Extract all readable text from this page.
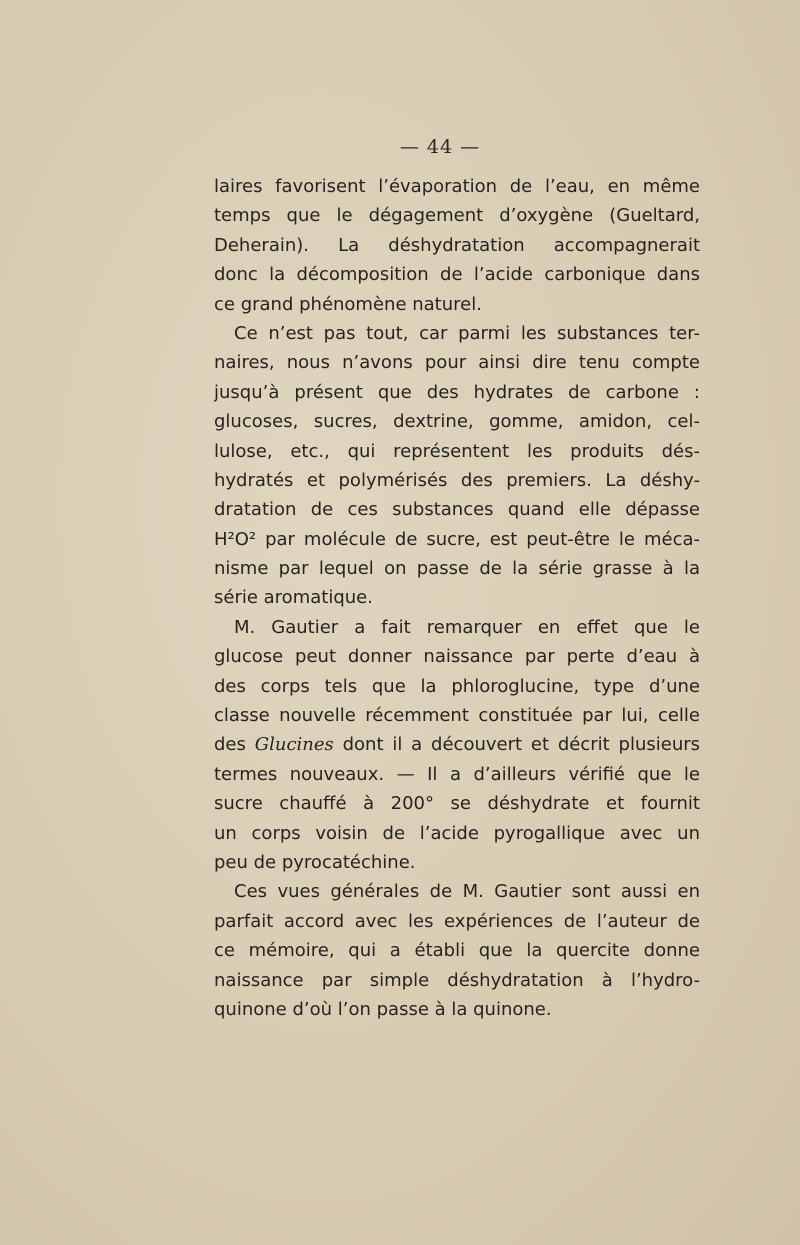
— 44 —
laires favorisent l’évaporation de l’eau, en même
temps que le dégagement d’oxygène (Gueltard,
Deherain). La déshydratation accompagnerait
donc la décomposition de l’acide carbonique dans
ce grand phénomène naturel.
Ce n’est pas tout, car parmi les substances ter-
naires, nous n’avons pour ainsi dire tenu compte
jusqu’à présent que des hydrates de carbone :
glucoses, sucres, dextrine, gomme, amidon, cel-
lulose, etc., qui représentent les produits dés-
hydratés et polymérisés des premiers. La déshy-
dratation de ces substances quand elle dépasse
H²O² par molécule de sucre, est peut-être le méca-
nisme par lequel on passe de la série grasse à la
série aromatique.
M. Gautier a fait remarquer en effet que le
glucose peut donner naissance par perte d’eau à
des corps tels que la phloroglucine, type d’une
classe nouvelle récemment constituée par lui, celle
des Glucines dont il a découvert et décrit plusieurs
termes nouveaux. — Il a d’ailleurs vérifié que le
sucre chauffé à 200° se déshydrate et fournit
un corps voisin de l’acide pyrogallique avec un
peu de pyrocatéchine.
Ces vues générales de M. Gautier sont aussi en
parfait accord avec les expériences de l’auteur de
ce mémoire, qui a établi que la quercite donne
naissance par simple déshydratation à l’hydro-
quinone d’où l’on passe à la quinone.
